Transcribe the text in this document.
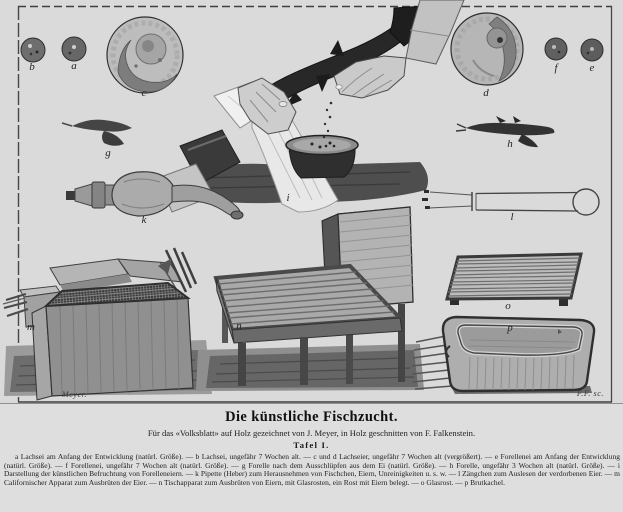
b	a
c	d
f	e
g
h
i
k	l
m	n
o
p
Meyer.	F.F. sc.
Die künstliche Fischzucht.
Für das «Volksblatt» auf Holz gezeichnet von J. Meyer, in Holz geschnitten von F. Falkenstein.
Tafel I.
a Lachsei am Anfang der Entwicklung (natürl. Größe). — b Lachsei, ungefähr 7 Wochen alt. — c und d Lachseier, ungefähr 7 Wochen alt (vergrößert). — e Forellenei am Anfang der Entwicklung (natürl. Größe). — f Forellenei, ungefähr 7 Wochen alt (natürl. Größe). — g Forelle nach dem Ausschlüpfen aus dem Ei (natürl. Größe). — h Forelle, ungefähr 3 Wochen alt (natürl. Größe). — i Darstellung der künstlichen Befruchtung von Forelleneiern. — k Pipette (Heber) zum Herausnehmen von Fischchen, Eiern, Unreinigkeiten u. s. w. — l Zängchen zum Auslesen der verdorbenen Eier. — m Californischer Apparat zum Ausbrüten der Eier. — n Tischapparat zum Ausbrüten von Eiern, mit Glasrosten, ein Rost mit Eiern belegt. — o Glasrost. — p Brutkachel.
